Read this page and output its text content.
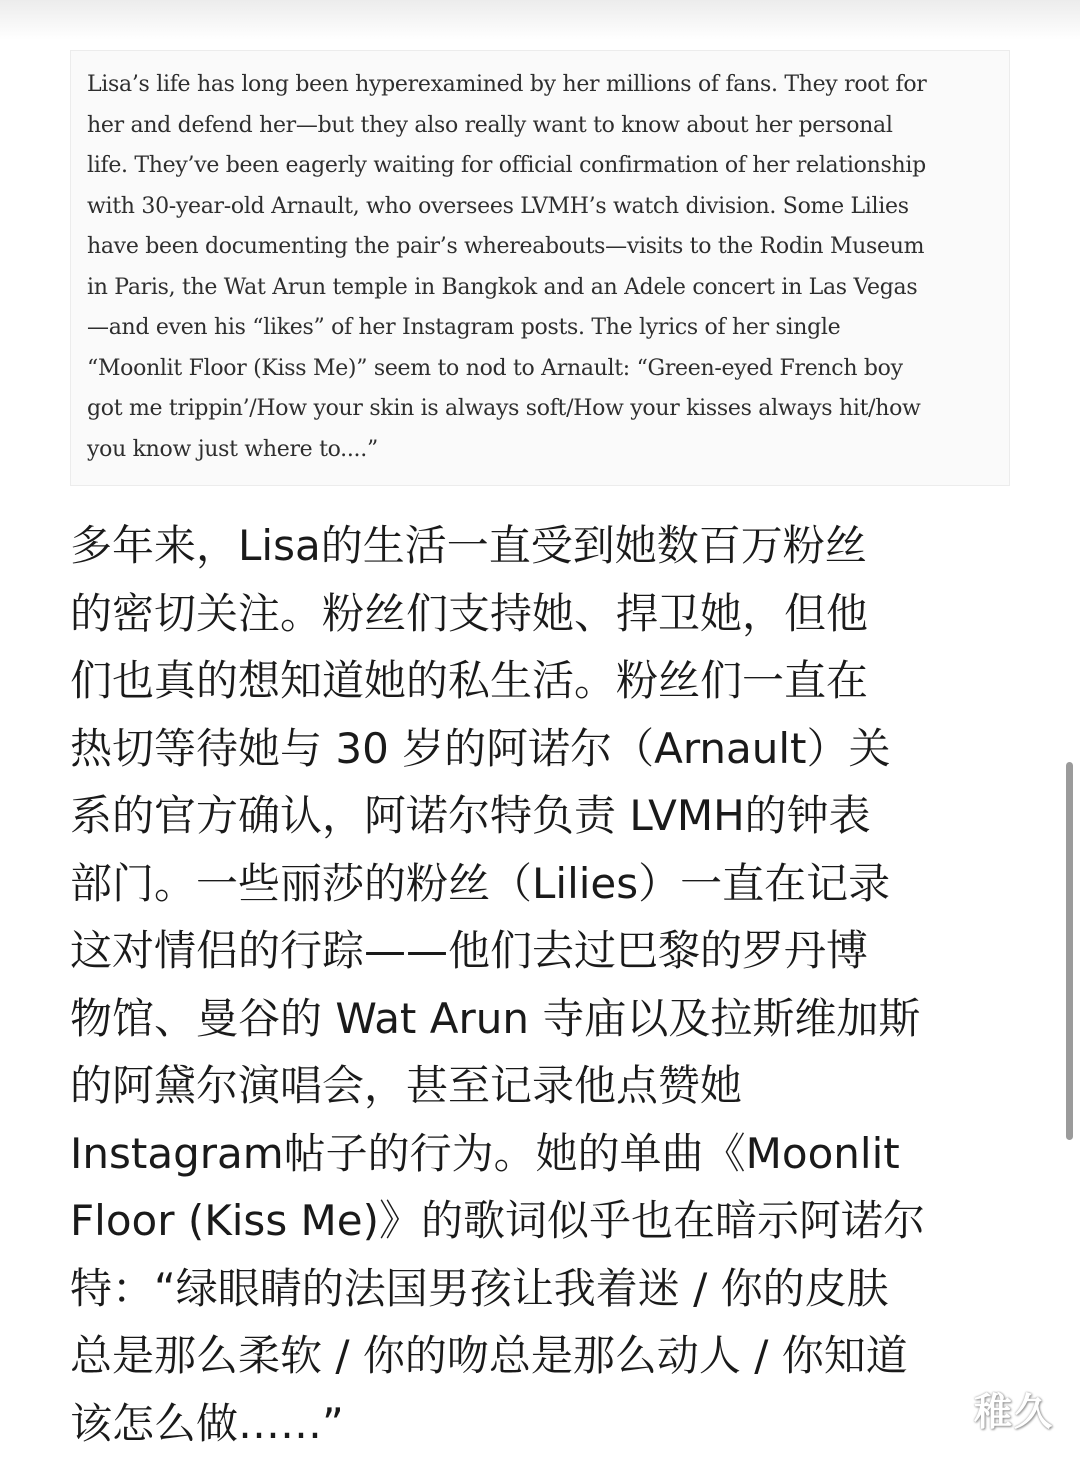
Lisa’s life has long been hyperexamined by her millions of fans. They root for
her and defend her—but they also really want to know about her personal
life. They’ve been eagerly waiting for official confirmation of her relationship
with 30-year-old Arnault, who oversees LVMH’s watch division. Some Lilies
have been documenting the pair’s whereabouts—visits to the Rodin Museum
in Paris, the Wat Arun temple in Bangkok and an Adele concert in Las Vegas
—and even his “likes” of her Instagram posts. The lyrics of her single
“Moonlit Floor (Kiss Me)” seem to nod to Arnault: “Green-eyed French boy
got me trippin’/How your skin is always soft/How your kisses always hit/how
you know just where to....”

多年来，Lisa的生活一直受到她数百万粉丝
的密切关注。粉丝们支持她、捍卫她，但他
们也真的想知道她的私生活。粉丝们一直在
热切等待她与 30 岁的阿诺尔（Arnault）关
系的官方确认，阿诺尔特负责 LVMH的钟表
部门。一些丽莎的粉丝（Lilies）一直在记录
这对情侣的行踪——他们去过巴黎的罗丹博
物馆、曼谷的 Wat Arun 寺庙以及拉斯维加斯
的阿黛尔演唱会，甚至记录他点赞她
Instagram帖子的行为。她的单曲《Moonlit
Floor (Kiss Me)》的歌词似乎也在暗示阿诺尔
特：“绿眼睛的法国男孩让我着迷 / 你的皮肤
总是那么柔软 / 你的吻总是那么动人 / 你知道
该怎么做……”	稚久
